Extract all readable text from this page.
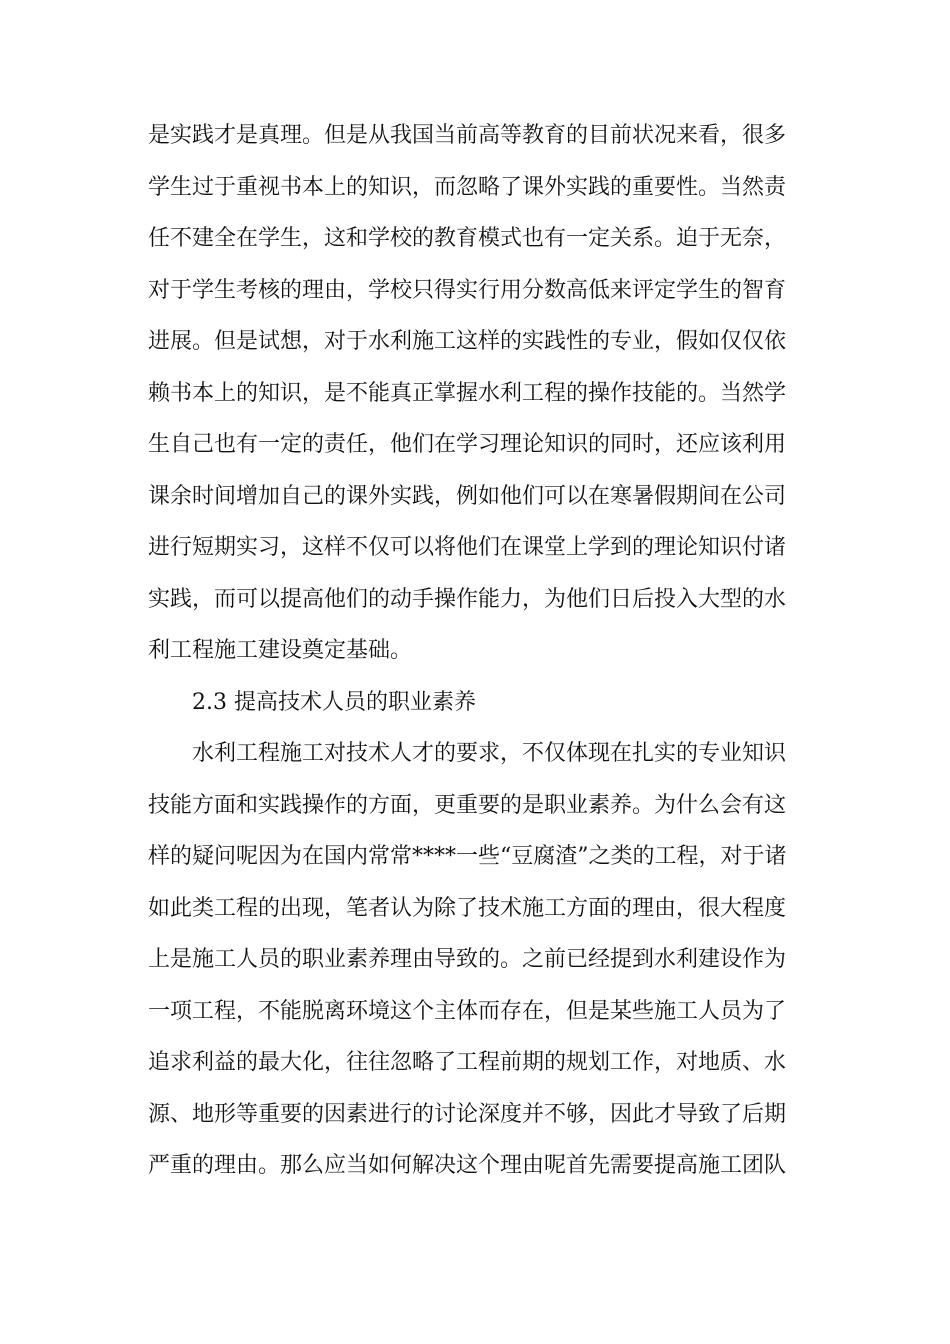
是实践才是真理。但是从我国当前高等教育的目前状况来看，很多
学生过于重视书本上的知识，而忽略了课外实践的重要性。当然责
任不建全在学生，这和学校的教育模式也有一定关系。迫于无奈，
对于学生考核的理由，学校只得实行用分数高低来评定学生的智育
进展。但是试想，对于水利施工这样的实践性的专业，假如仅仅依
赖书本上的知识，是不能真正掌握水利工程的操作技能的。当然学
生自己也有一定的责任，他们在学习理论知识的同时，还应该利用
课余时间增加自己的课外实践，例如他们可以在寒暑假期间在公司
进行短期实习，这样不仅可以将他们在课堂上学到的理论知识付诸
实践，而可以提高他们的动手操作能力，为他们日后投入大型的水
利工程施工建设奠定基础。
2.3 提高技术人员的职业素养
水利工程施工对技术人才的要求，不仅体现在扎实的专业知识
技能方面和实践操作的方面，更重要的是职业素养。为什么会有这
样的疑问呢因为在国内常常****一些“豆腐渣”之类的工程，对于诸
如此类工程的出现，笔者认为除了技术施工方面的理由，很大程度
上是施工人员的职业素养理由导致的。之前已经提到水利建设作为
一项工程，不能脱离环境这个主体而存在，但是某些施工人员为了
追求利益的最大化，往往忽略了工程前期的规划工作，对地质、水
源、地形等重要的因素进行的讨论深度并不够，因此才导致了后期
严重的理由。那么应当如何解决这个理由呢首先需要提高施工团队
